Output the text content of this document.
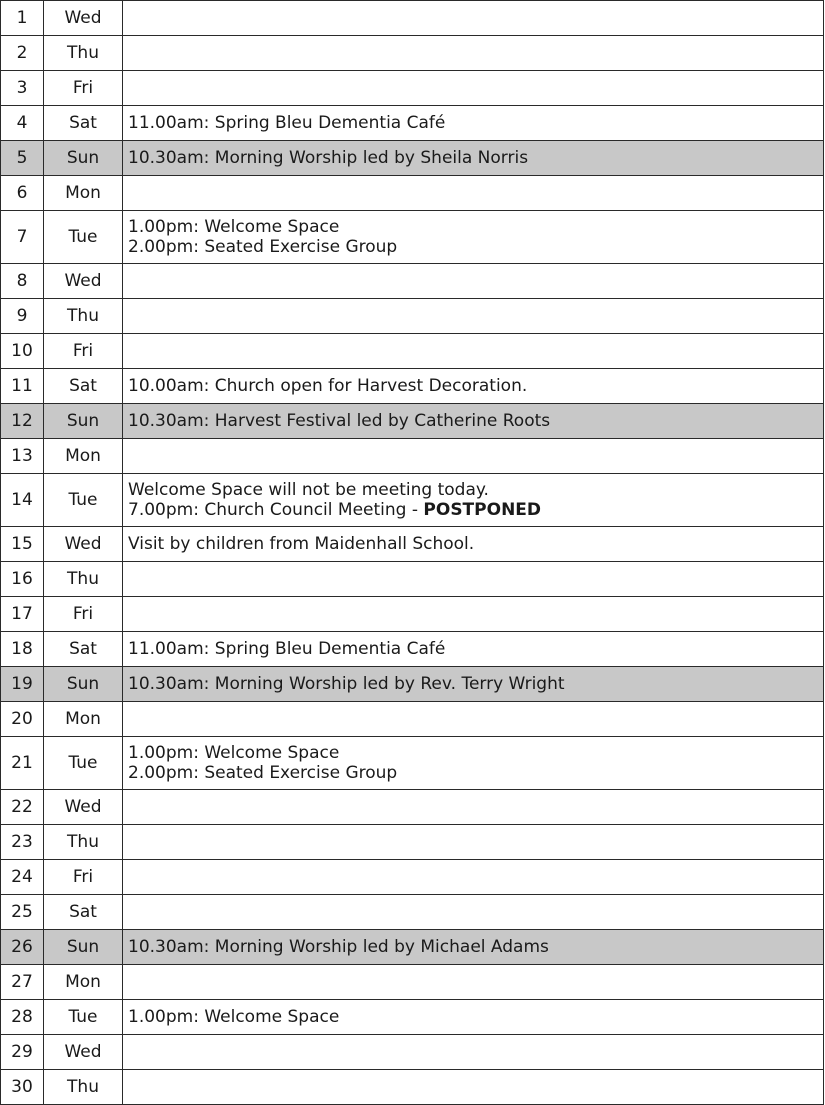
1	Wed	
2	Thu	
3	Fri	
4	Sat	11.00am: Spring Bleu Dementia Café

5	Sun	10.30am: Morning Worship led by Sheila Norris

6	Mon	
7	Tue	1.00pm: Welcome Space
2.00pm: Seated Exercise Group

8	Wed	
9	Thu	
10	Fri	
11	Sat	10.00am: Church open for Harvest Decoration.

12	Sun	10.30am: Harvest Festival led by Catherine Roots

13	Mon	
14	Tue	Welcome Space will not be meeting today.
7.00pm: Church Council Meeting - POSTPONED

15	Wed	Visit by children from Maidenhall School.

16	Thu	
17	Fri	
18	Sat	11.00am: Spring Bleu Dementia Café

19	Sun	10.30am: Morning Worship led by Rev. Terry Wright

20	Mon	
21	Tue	1.00pm: Welcome Space
2.00pm: Seated Exercise Group

22	Wed	
23	Thu	
24	Fri	
25	Sat	
26	Sun	10.30am: Morning Worship led by Michael Adams

27	Mon	
28	Tue	1.00pm: Welcome Space

29	Wed	
30	Thu	
